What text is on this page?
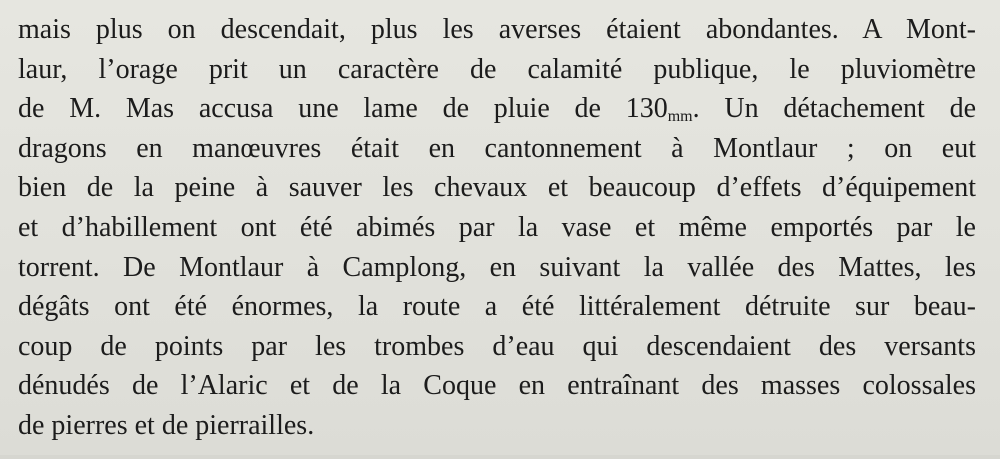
mais plus on descendait, plus les averses étaient abondantes. A Mont-
laur, l’orage prit un caractère de calamité publique, le pluviomètre
de M. Mas accusa une lame de pluie de $130_{mm}$. Un détachement de
dragons en manœuvres était en cantonnement à Montlaur ; on eut
bien de la peine à sauver les chevaux et beaucoup d’effets d’équipement
et d’habillement ont été abimés par la vase et même emportés par le
torrent. De Montlaur à Camplong, en suivant la vallée des Mattes, les
dégâts ont été énormes, la route a été littéralement détruite sur beau-
coup de points par les trombes d’eau qui descendaient des versants
dénudés de l’Alaric et de la Coque en entraînant des masses colossales
de pierres et de pierrailles.
